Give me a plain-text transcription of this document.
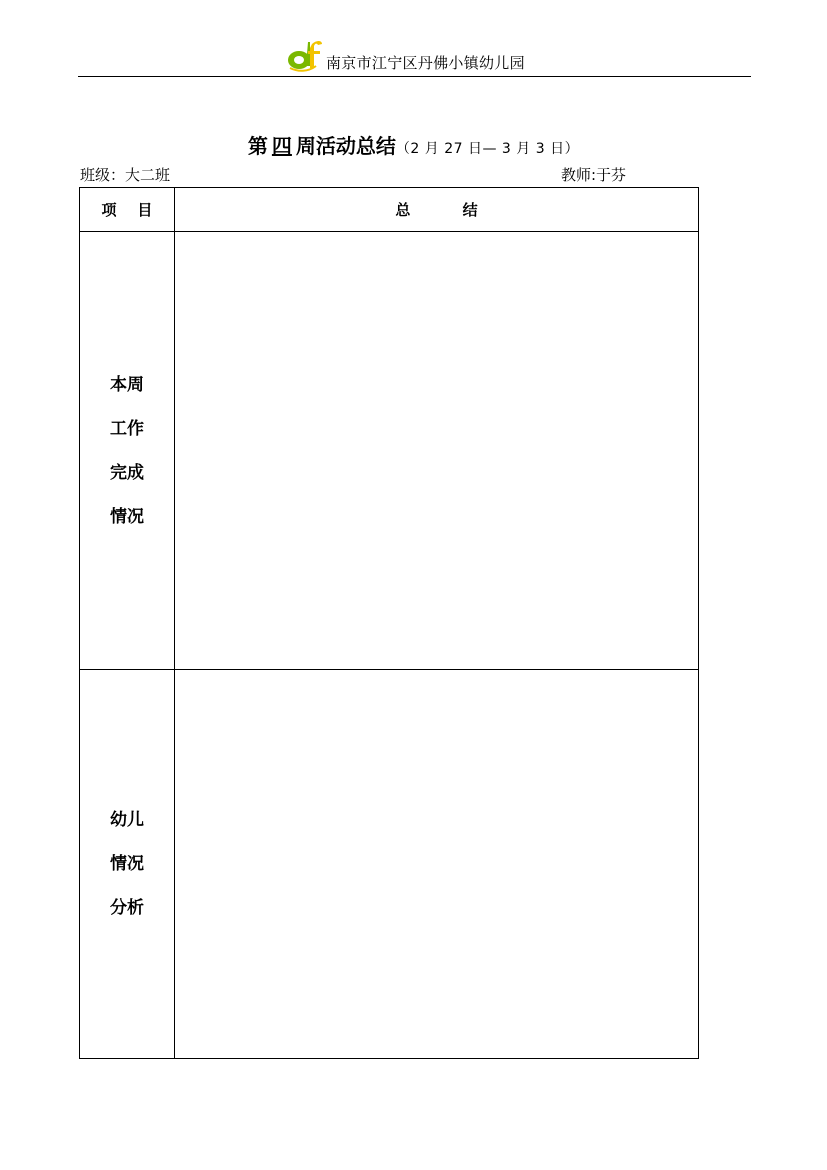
南京市江宁区丹佛小镇幼儿园
第 四 周活动总结（2 月 27 日— 3 月 3 日）
班级：大二班	教师:于芬
项    目	总          结

本周
工作
完成
情况	

幼儿
情况
分析	
